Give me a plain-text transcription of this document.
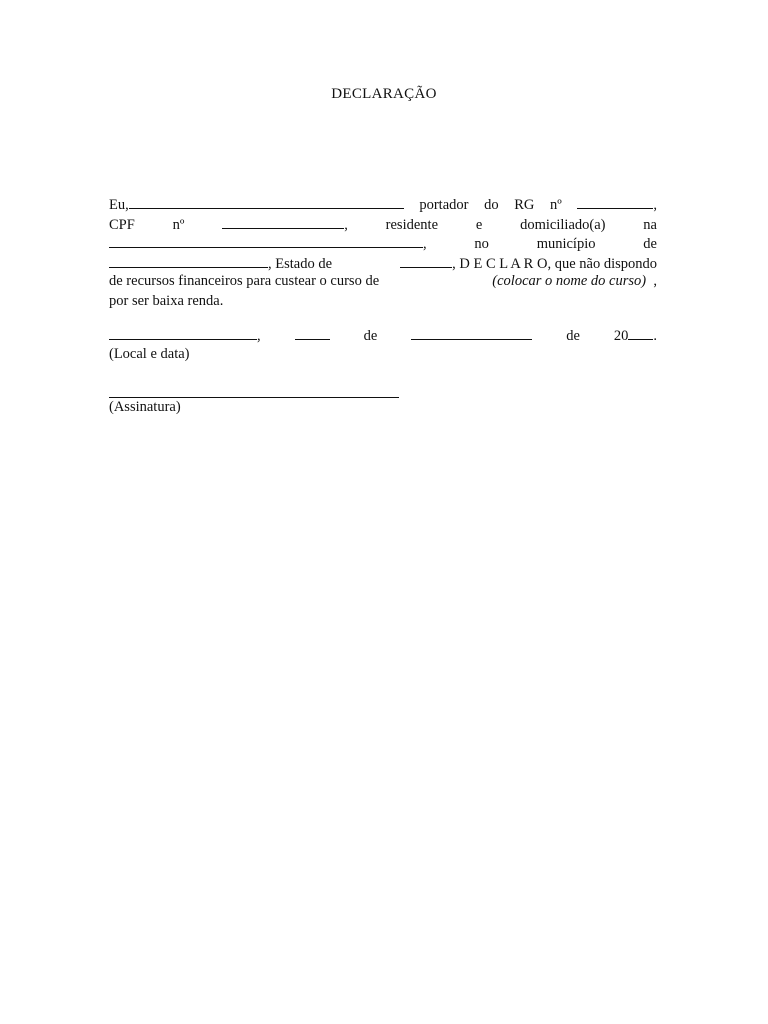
DECLARAÇÃO
Eu,	portador do RG nº	,
CPF	nº	,	residente	e	domiciliado(a)	na
,	no	município	de
, Estado de	, D E C L A R O, que não dispondo
de recursos financeiros para custear o curso de	(colocar o nome do curso) ,
por ser baixa renda.
,	de	de 20 .
(Local e data)
(Assinatura)
